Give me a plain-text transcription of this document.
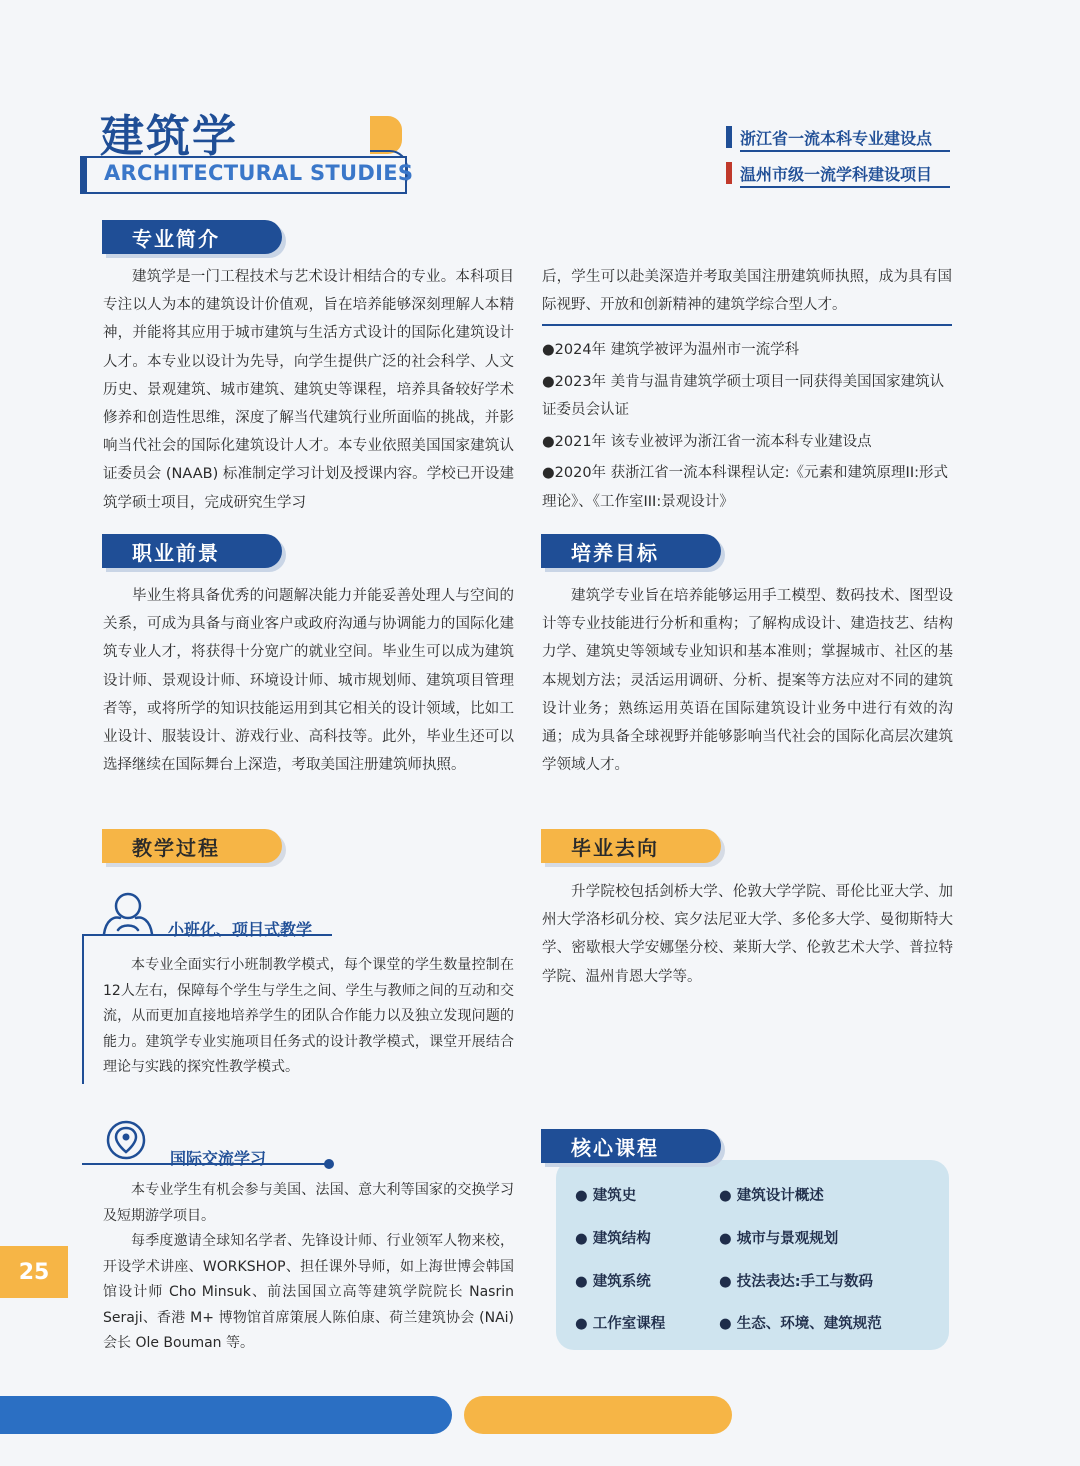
建筑学
ARCHITECTURAL STUDIES
浙江省一流本科专业建设点
温州市级一流学科建设项目
专业简介

建筑学是一门工程技术与艺术设计相结合的专业。本科项目专注以人为本的建筑设计价值观，旨在培养能够深刻理解人本精神，并能将其应用于城市建筑与生活方式设计的国际化建筑设计人才。本专业以设计为先导，向学生提供广泛的社会科学、人文历史、景观建筑、城市建筑、建筑史等课程，培养具备较好学术修养和创造性思维，深度了解当代建筑行业所面临的挑战，并影响当代社会的国际化建筑设计人才。本专业依照美国国家建筑认证委员会 (NAAB) 标准制定学习计划及授课内容。学校已开设建筑学硕士项目，完成研究生学习

后，学生可以赴美深造并考取美国注册建筑师执照，成为具有国际视野、开放和创新精神的建筑学综合型人才。

●2024年 建筑学被评为温州市一流学科
●2023年 美肯与温肯建筑学硕士项目一同获得美国国家建筑认证委员会认证
●2021年 该专业被评为浙江省一流本科专业建设点
●2020年 获浙江省一流本科课程认定:《元素和建筑原理II:形式理论》、《工作室III:景观设计》
职业前景

毕业生将具备优秀的问题解决能力并能妥善处理人与空间的关系，可成为具备与商业客户或政府沟通与协调能力的国际化建筑专业人才，将获得十分宽广的就业空间。毕业生可以成为建筑设计师、景观设计师、环境设计师、城市规划师、建筑项目管理者等，或将所学的知识技能运用到其它相关的设计领域，比如工业设计、服装设计、游戏行业、高科技等。此外，毕业生还可以选择继续在国际舞台上深造，考取美国注册建筑师执照。

培养目标

建筑学专业旨在培养能够运用手工模型、数码技术、图型设计等专业技能进行分析和重构；了解构成设计、建造技艺、结构力学、建筑史等领域专业知识和基本准则；掌握城市、社区的基本规划方法；灵活运用调研、分析、提案等方法应对不同的建筑设计业务；熟练运用英语在国际建筑设计业务中进行有效的沟通；成为具备全球视野并能够影响当代社会的国际化高层次建筑学领域人才。

教学过程
小班化、项目式教学

本专业全面实行小班制教学模式，每个课堂的学生数量控制在12人左右，保障每个学生与学生之间、学生与教师之间的互动和交流，从而更加直接地培养学生的团队合作能力以及独立发现问题的能力。建筑学专业实施项目任务式的设计教学模式，课堂开展结合理论与实践的探究性教学模式。

国际交流学习

本专业学生有机会参与美国、法国、意大利等国家的交换学习及短期游学项目。

每季度邀请全球知名学者、先锋设计师、行业领军人物来校，开设学术讲座、WORKSHOP、担任课外导师，如上海世博会韩国馆设计师 Cho Minsuk、前法国国立高等建筑学院院长 Nasrin Seraji、香港 M+ 博物馆首席策展人陈伯康、荷兰建筑协会 (NAi) 会长 Ole Bouman 等。

毕业去向

升学院校包括剑桥大学、伦敦大学学院、哥伦比亚大学、加州大学洛杉矶分校、宾夕法尼亚大学、多伦多大学、曼彻斯特大学、密歇根大学安娜堡分校、莱斯大学、伦敦艺术大学、普拉特学院、温州肯恩大学等。

核心课程
● 建筑史
● 建筑结构
● 建筑系统
● 工作室课程
● 建筑设计概述
● 城市与景观规划
● 技法表达:手工与数码
● 生态、环境、建筑规范
25
